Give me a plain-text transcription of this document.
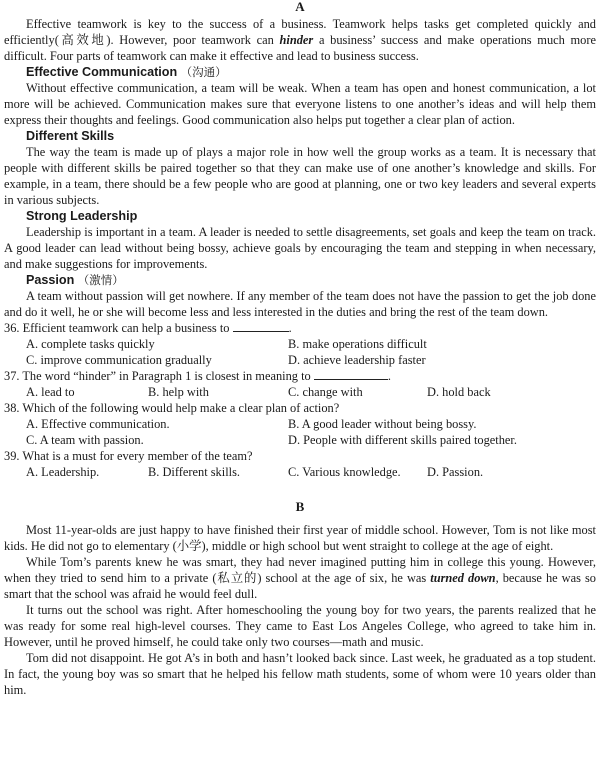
A

Effective teamwork is key to the success of a business. Teamwork helps tasks get completed quickly and efficiently(高效地). However, poor teamwork can hinder a business’ success and make operations much more difficult. Four parts of teamwork can make it effective and lead to business success.

Effective Communication （沟通）

Without effective communication, a team will be weak. When a team has open and honest communication, a lot more will be achieved. Communication makes sure that everyone listens to one another’s ideas and will help them express their thoughts and feelings. Good communication also helps put together a clear plan of action.

Different Skills

The way the team is made up of plays a major role in how well the group works as a team. It is necessary that people with different skills be paired together so that they can make use of one another’s knowledge and skills. For example, in a team, there should be a few people who are good at planning, one or two key leaders and several experts in various subjects.

Strong Leadership

Leadership is important in a team. A leader is needed to settle disagreements, set goals and keep the team on track. A good leader can lead without being bossy, achieve goals by encouraging the team and stepping in when necessary, and make suggestions for improvements.

Passion （激情）

A team without passion will get nowhere. If any member of the team does not have the passion to get the job done and do it well, he or she will become less and less interested in the duties and bring the rest of the team down.

36. Efficient teamwork can help a business to	.
A. complete tasks quickly	B. make operations difficult
C. improve communication gradually	D. achieve leadership faster
37. The word “hinder” in Paragraph 1 is closest in meaning to	.
A. lead to	B. help with	C. change with	D. hold back
38. Which of the following would help make a clear plan of action?
A. Effective communication.	B. A good leader without being bossy.
C. A team with passion.	D. People with different skills paired together.
39. What is a must for every member of the team?
A. Leadership.	B. Different skills.	C. Various knowledge. D. Passion.
B

Most 11-year-olds are just happy to have finished their first year of middle school. However, Tom is not like most kids. He did not go to elementary (小学), middle or high school but went straight to college at the age of eight.

While Tom’s parents knew he was smart, they had never imagined putting him in college this young. However, when they tried to send him to a private (私立的) school at the age of six, he was turned down, because he was so smart that the school was afraid he would feel dull.

It turns out the school was right. After homeschooling the young boy for two years, the parents realized that he was ready for some real high-level courses. They came to East Los Angeles College, who agreed to take him in. However, until he proved himself, he could take only two courses—math and music.

Tom did not disappoint. He got A’s in both and hasn’t looked back since. Last week, he graduated as a top student. In fact, the young boy was so smart that he helped his fellow math students, some of whom were 10 years older than him.
